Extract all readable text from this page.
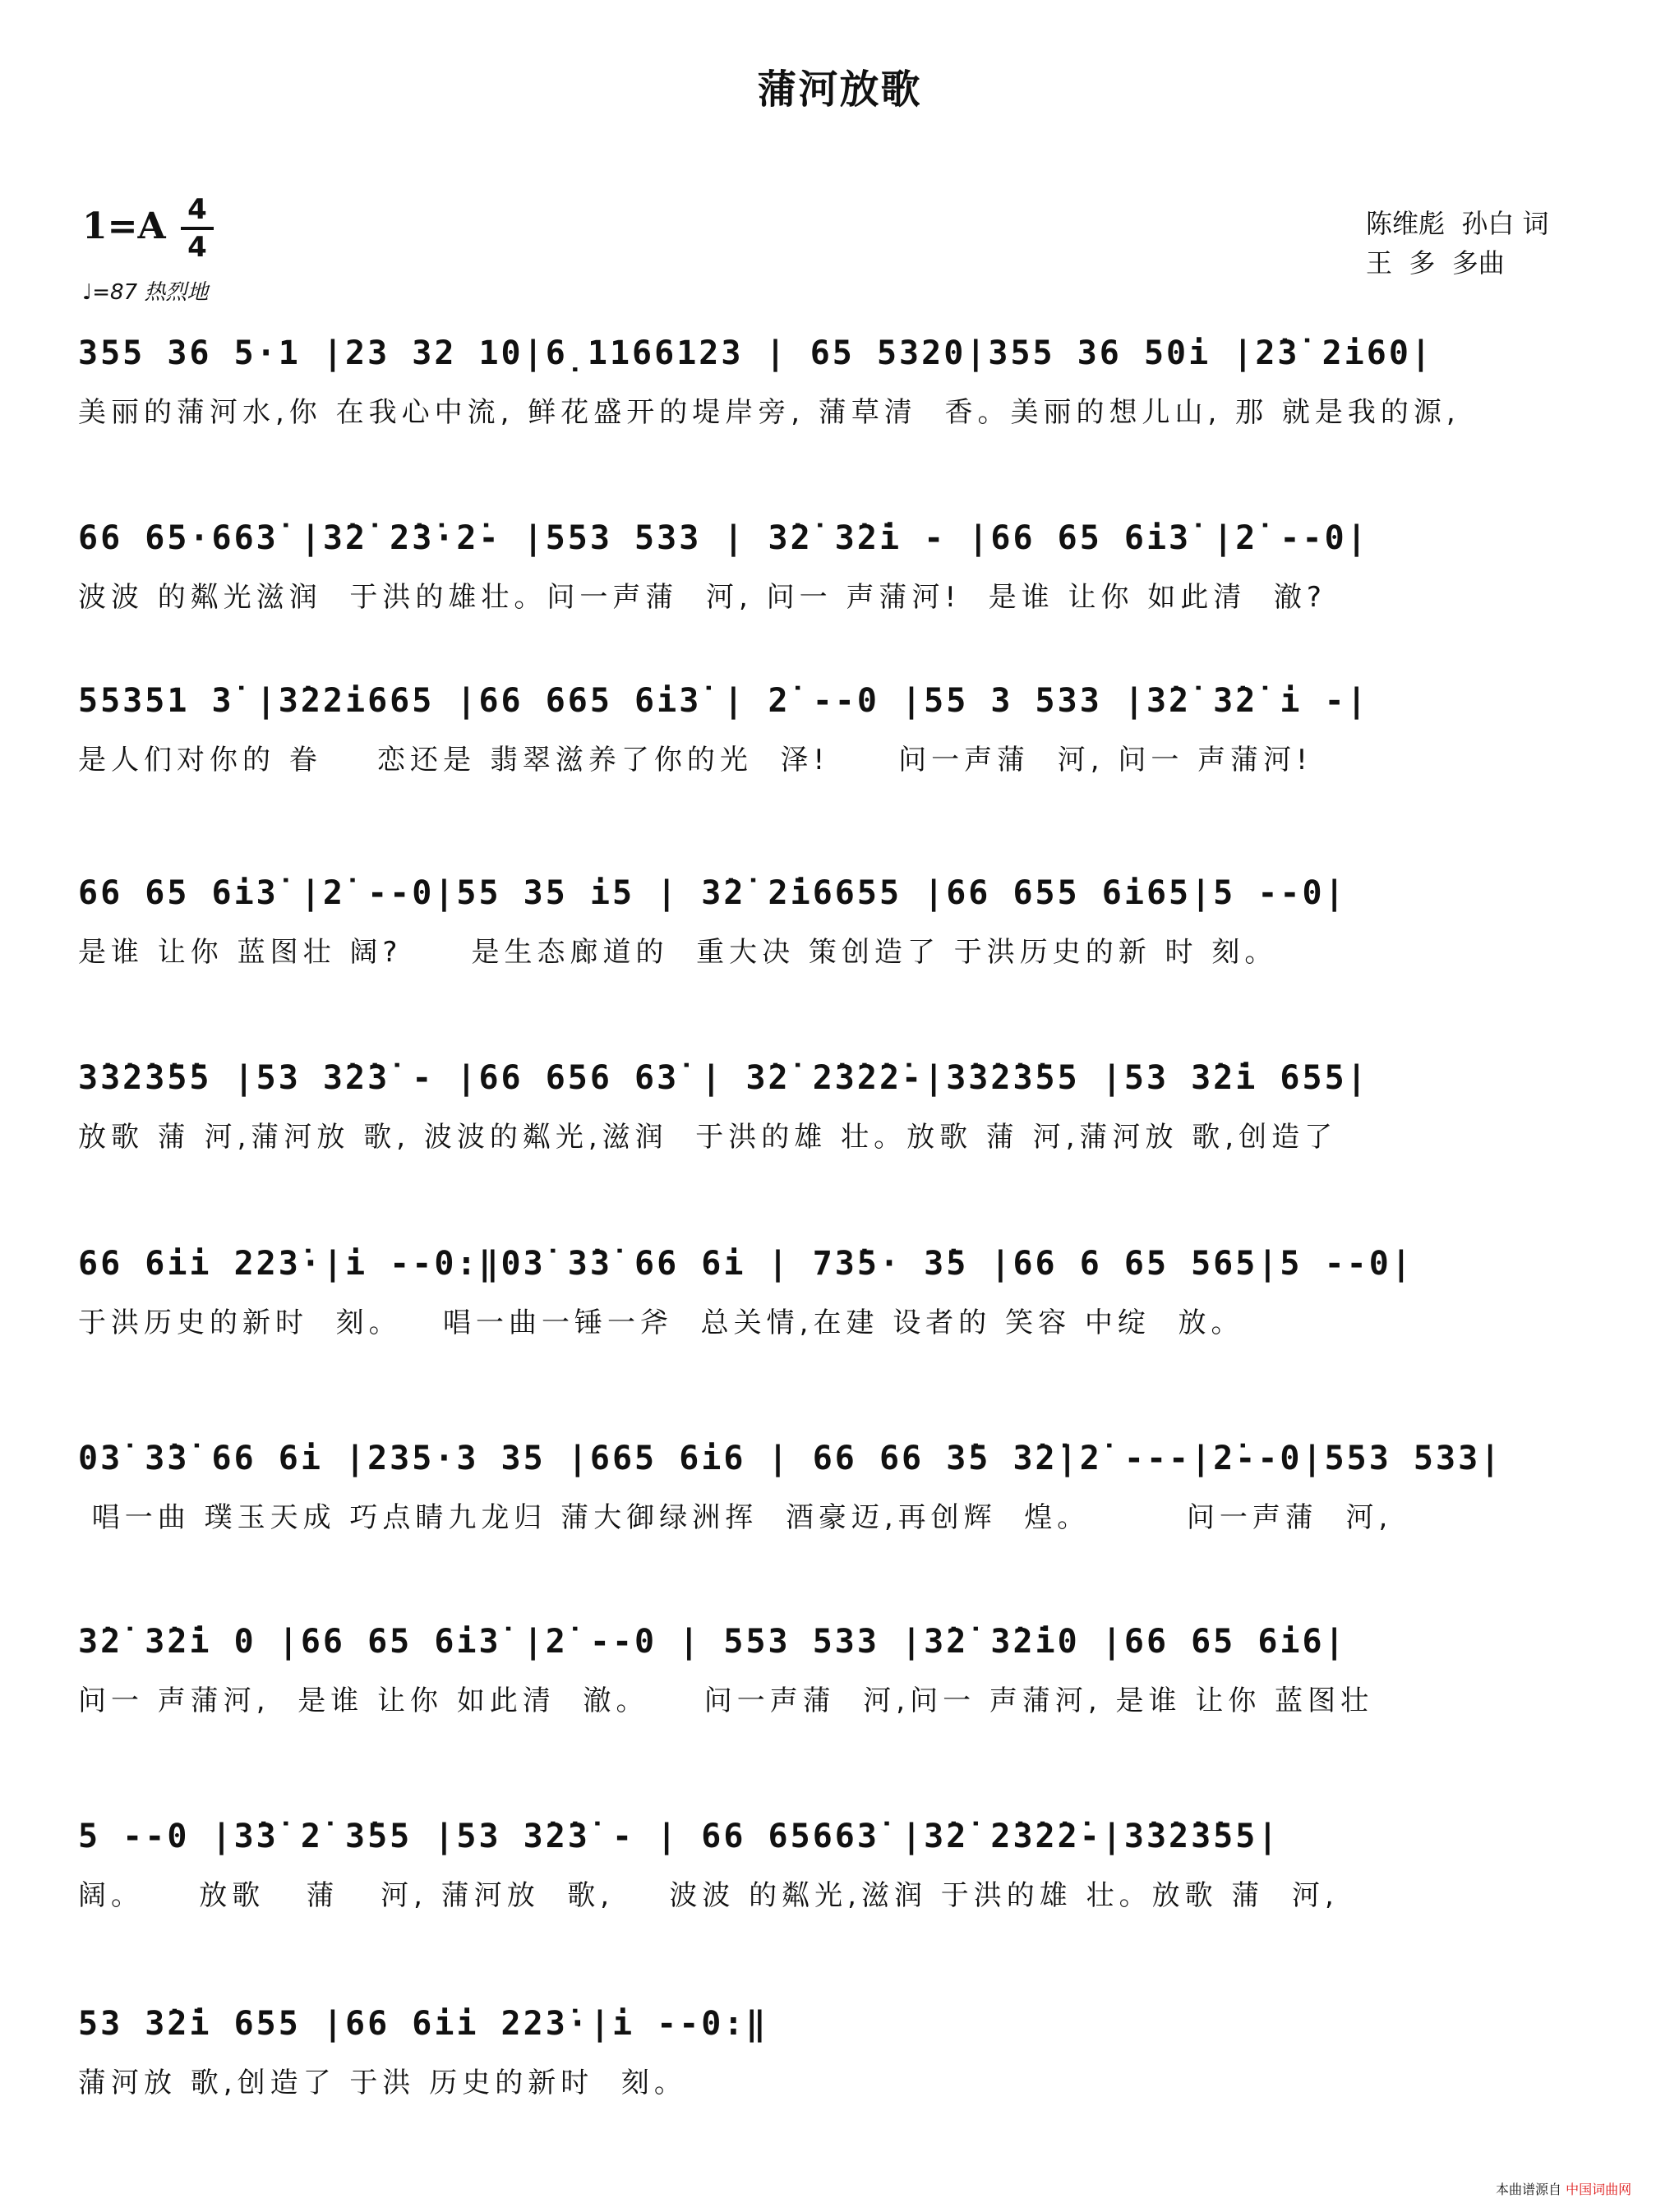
蒲河放歌
1=A 4
4
♩=87 热烈地
陈维彪  孙白 词
王  多  多曲
355 36 5·1 |23 32 10|6̣1166123 | 65 5320|355 36 50i |2̇3̇ 2i60|
美丽的蒲河水,你 在我心中流, 鲜花盛开的堤岸旁, 蒲草清  香。美丽的想儿山, 那 就是我的源,
66 65·663̇ |3̇2̇ 2̇3̇·2̇- |553 533 | 3̇2̇ 3̇2̇i - |66 65 6i3̇ |2̇ --0|
波波 的粼光滋润  于洪的雄壮。问一声蒲  河, 问一 声蒲河!  是谁 让你 如此清  澈?
55351 3̇ |3̇22i665 |66 665 6i3̇ | 2̇ --0 |55 3 533 |3̇2̇ 3̇2̇ i -|
是人们对你的 眷    恋还是 翡翠滋养了你的光  泽!     问一声蒲  河, 问一 声蒲河!
66 65 6i3̇ |2̇ --0|55 35 i5 | 3̇2̇ 2̇i6655 |66 655 6i65|5 --0|
是谁 让你 蓝图壮 阔?     是生态廊道的  重大决 策创造了 于洪历史的新 时 刻。
3̇3̇2̇3̇5̇5 |53 3̇2̇3̇ - |66 656 63̇ | 3̇2̇ 2̇3̇2̇2̇-|3̇3̇2̇3̇55 |53 3̇2̇i 655|
放歌 蒲 河,蒲河放 歌, 波波的粼光,滋润  于洪的雄 壮。放歌 蒲 河,蒲河放 歌,创造了
66 6ii 223̇·|i --0:‖03̇ 3̇3̇ 66 6i | 73̇5· 3̇5 |66 6 65 565|5 --0|
于洪历史的新时  刻。   唱一曲一锤一斧  总关情,在建 设者的 笑容 中绽  放。
03̇ 3̇3̇ 66 6i |235·3 35 |665 6i6 | 66 66 3̇5 3̇2̇|2̇ ---|2̇--0|553 533|
唱一曲 璞玉天成 巧点睛九龙归 蒲大御绿洲挥  酒豪迈,再创辉  煌。       问一声蒲  河,
3̇2̇ 3̇2̇i 0 |66 65 6i3̇ |2̇ --0 | 553 533 |3̇2̇ 3̇2̇i0 |66 65 6i6|
问一 声蒲河,  是谁 让你 如此清  澈。    问一声蒲  河,问一 声蒲河, 是谁 让你 蓝图壮
5 --0 |3̇3̇ 2̇ 3̇55 |53 3̇2̇3̇ - | 66 65663̇ |3̇2̇ 2̇3̇2̇2̇-|3̇3̇2̇3̇55|
阔。    放歌   蒲   河, 蒲河放  歌,    波波 的粼光,滋润 于洪的雄 壮。放歌 蒲  河,
53 3̇2̇i 655 |66 6ii 223̇·|i --0:‖
蒲河放 歌,创造了 于洪 历史的新时  刻。
本曲谱源自 中国词曲网
